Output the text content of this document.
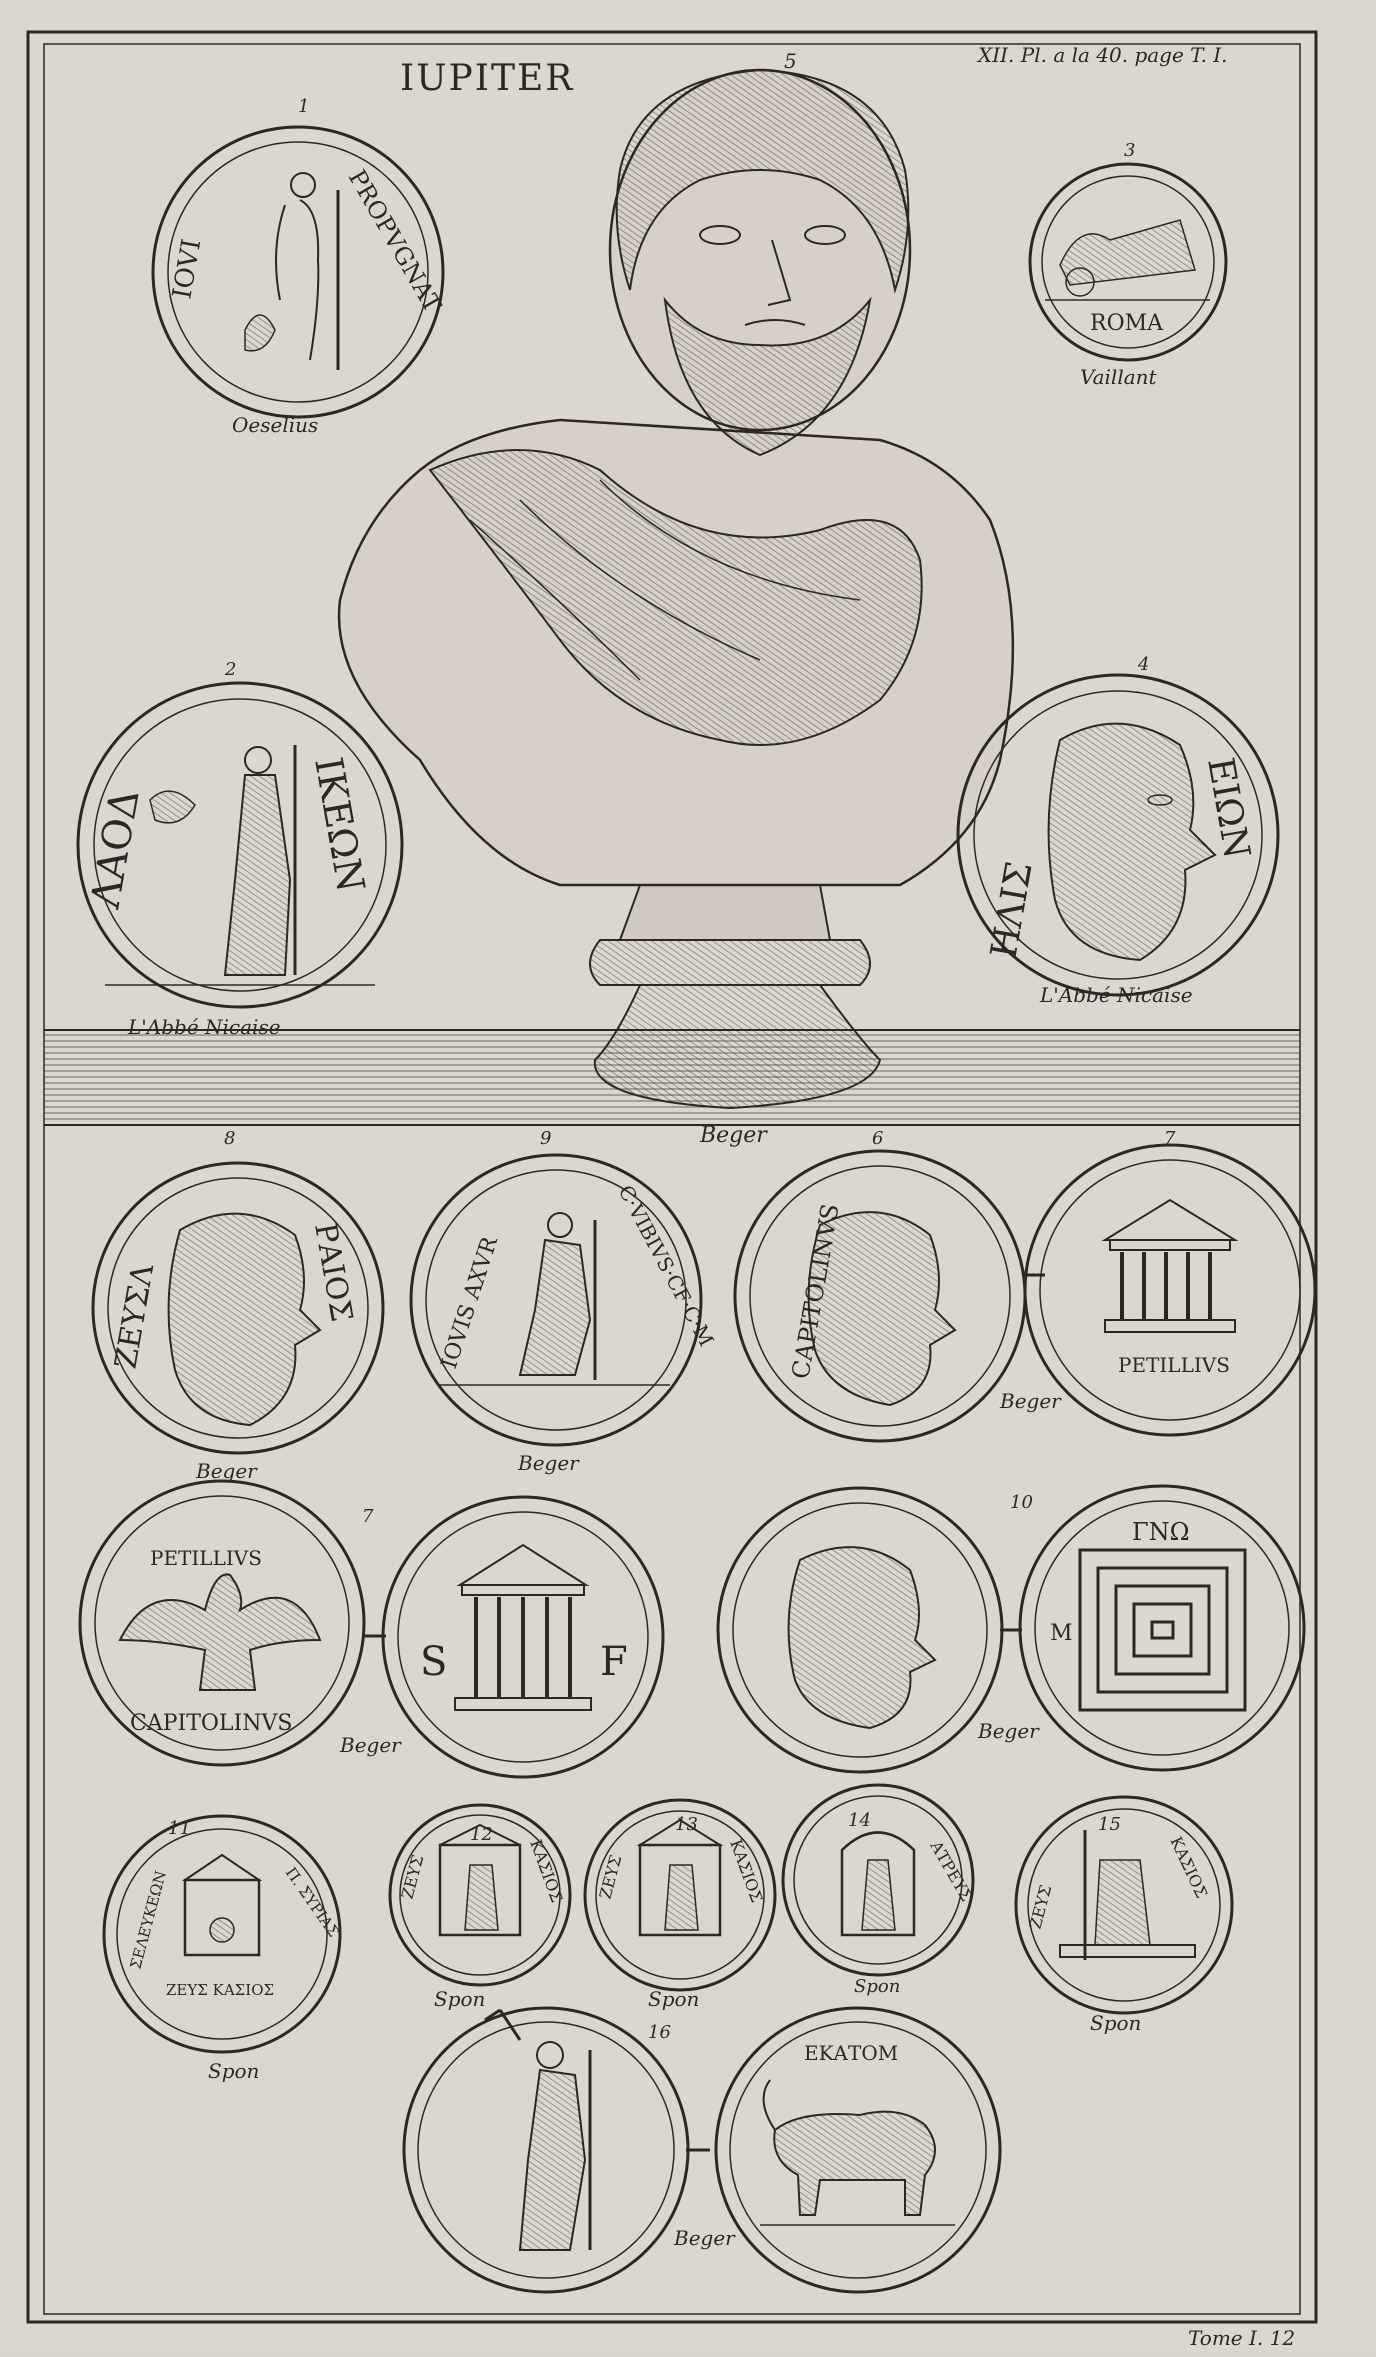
IUPITER
XII. Pl. a la 40. page T. I.
Tome I. 12
5
Beger
1
IOVI	PROPVGNAT
Oeselius
3
ROMA
Vaillant
2
ΛΑΟΔ	ΙΚΕΩΝ
L'Abbé Nicaise
4
ΗΛΙΣ
ΕΙΩΝ
L'Abbé Nicaise
8
ΖΕΥΣΛ	ΡΑΙΟΣ
Beger
9
IOVIS AXVR	C·VIBIVS·CF·C·M
Beger
6
CAPITOLINVS
Beger
7
PETILLIVS
7
PETILLIVS
CAPITOLINVS
Beger
S	F
10
Beger
ΓΝΩ
M
11
ΣΕΛΕΥΚΕΩΝ	Π. ΣΥΡΙΑΣ
ΖΕΥΣ ΚΑΣΙΟΣ
Spon
12
ΖΕΥΣ	ΚΑΣΙΟΣ
Spon
13
ΖΕΥΣ	ΚΑΣΙΟΣ
Spon
14
ΑΤΡΕΥΣ
Spon
15
ΖΕΥΣ
ΚΑΣΙΟΣ
Spon
16
ΕΚΑΤΟΜ
Beger
